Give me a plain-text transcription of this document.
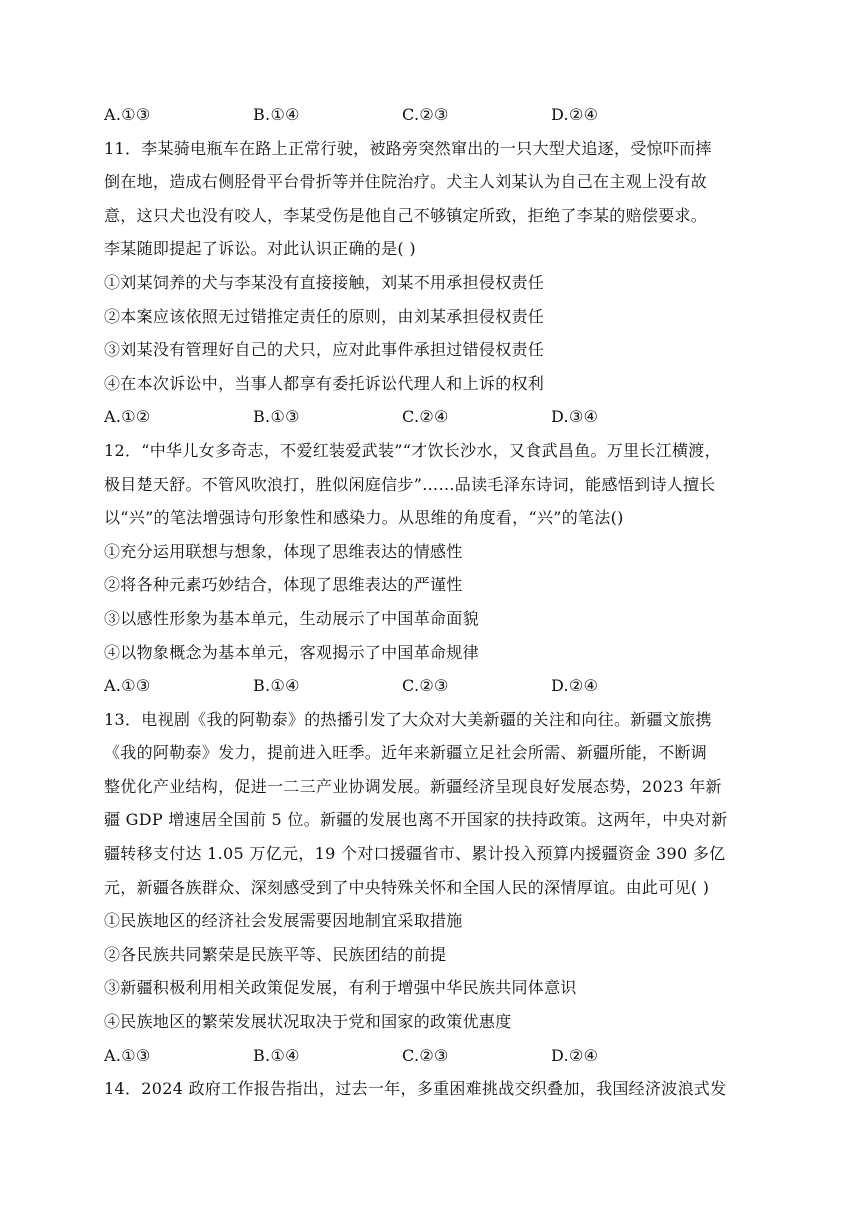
A.①③	B.①④	C.②③	D.②④
11．李某骑电瓶车在路上正常行驶，被路旁突然窜出的一只大型犬追逐，受惊吓而摔
倒在地，造成右侧胫骨平台骨折等并住院治疗。犬主人刘某认为自己在主观上没有故
意，这只犬也没有咬人，李某受伤是他自己不够镇定所致，拒绝了李某的赔偿要求。
李某随即提起了诉讼。对此认识正确的是( )
①刘某饲养的犬与李某没有直接接触，刘某不用承担侵权责任
②本案应该依照无过错推定责任的原则，由刘某承担侵权责任
③刘某没有管理好自己的犬只，应对此事件承担过错侵权责任
④在本次诉讼中，当事人都享有委托诉讼代理人和上诉的权利
A.①②	B.①③	C.②④	D.③④
12．“中华儿女多奇志，不爱红装爱武装”“才饮长沙水，又食武昌鱼。万里长江横渡，
极目楚天舒。不管风吹浪打，胜似闲庭信步”……品读毛泽东诗词，能感悟到诗人擅长
以“兴”的笔法增强诗句形象性和感染力。从思维的角度看，“兴”的笔法()
①充分运用联想与想象，体现了思维表达的情感性
②将各种元素巧妙结合，体现了思维表达的严谨性
③以感性形象为基本单元，生动展示了中国革命面貌
④以物象概念为基本单元，客观揭示了中国革命规律
A.①③	B.①④	C.②③	D.②④
13．电视剧《我的阿勒泰》的热播引发了大众对大美新疆的关注和向往。新疆文旅携
《我的阿勒泰》发力，提前进入旺季。近年来新疆立足社会所需、新疆所能，不断调
整优化产业结构，促进一二三产业协调发展。新疆经济呈现良好发展态势，2023 年新
疆 GDP 增速居全国前 5 位。新疆的发展也离不开国家的扶持政策。这两年，中央对新
疆转移支付达 1.05 万亿元，19 个对口援疆省市、累计投入预算内援疆资金 390 多亿
元，新疆各族群众、深刻感受到了中央特殊关怀和全国人民的深情厚谊。由此可见( )
①民族地区的经济社会发展需要因地制宜采取措施
②各民族共同繁荣是民族平等、民族团结的前提
③新疆积极利用相关政策促发展，有利于增强中华民族共同体意识
④民族地区的繁荣发展状况取决于党和国家的政策优惠度
A.①③	B.①④	C.②③	D.②④
14．2024 政府工作报告指出，过去一年，多重困难挑战交织叠加，我国经济波浪式发
